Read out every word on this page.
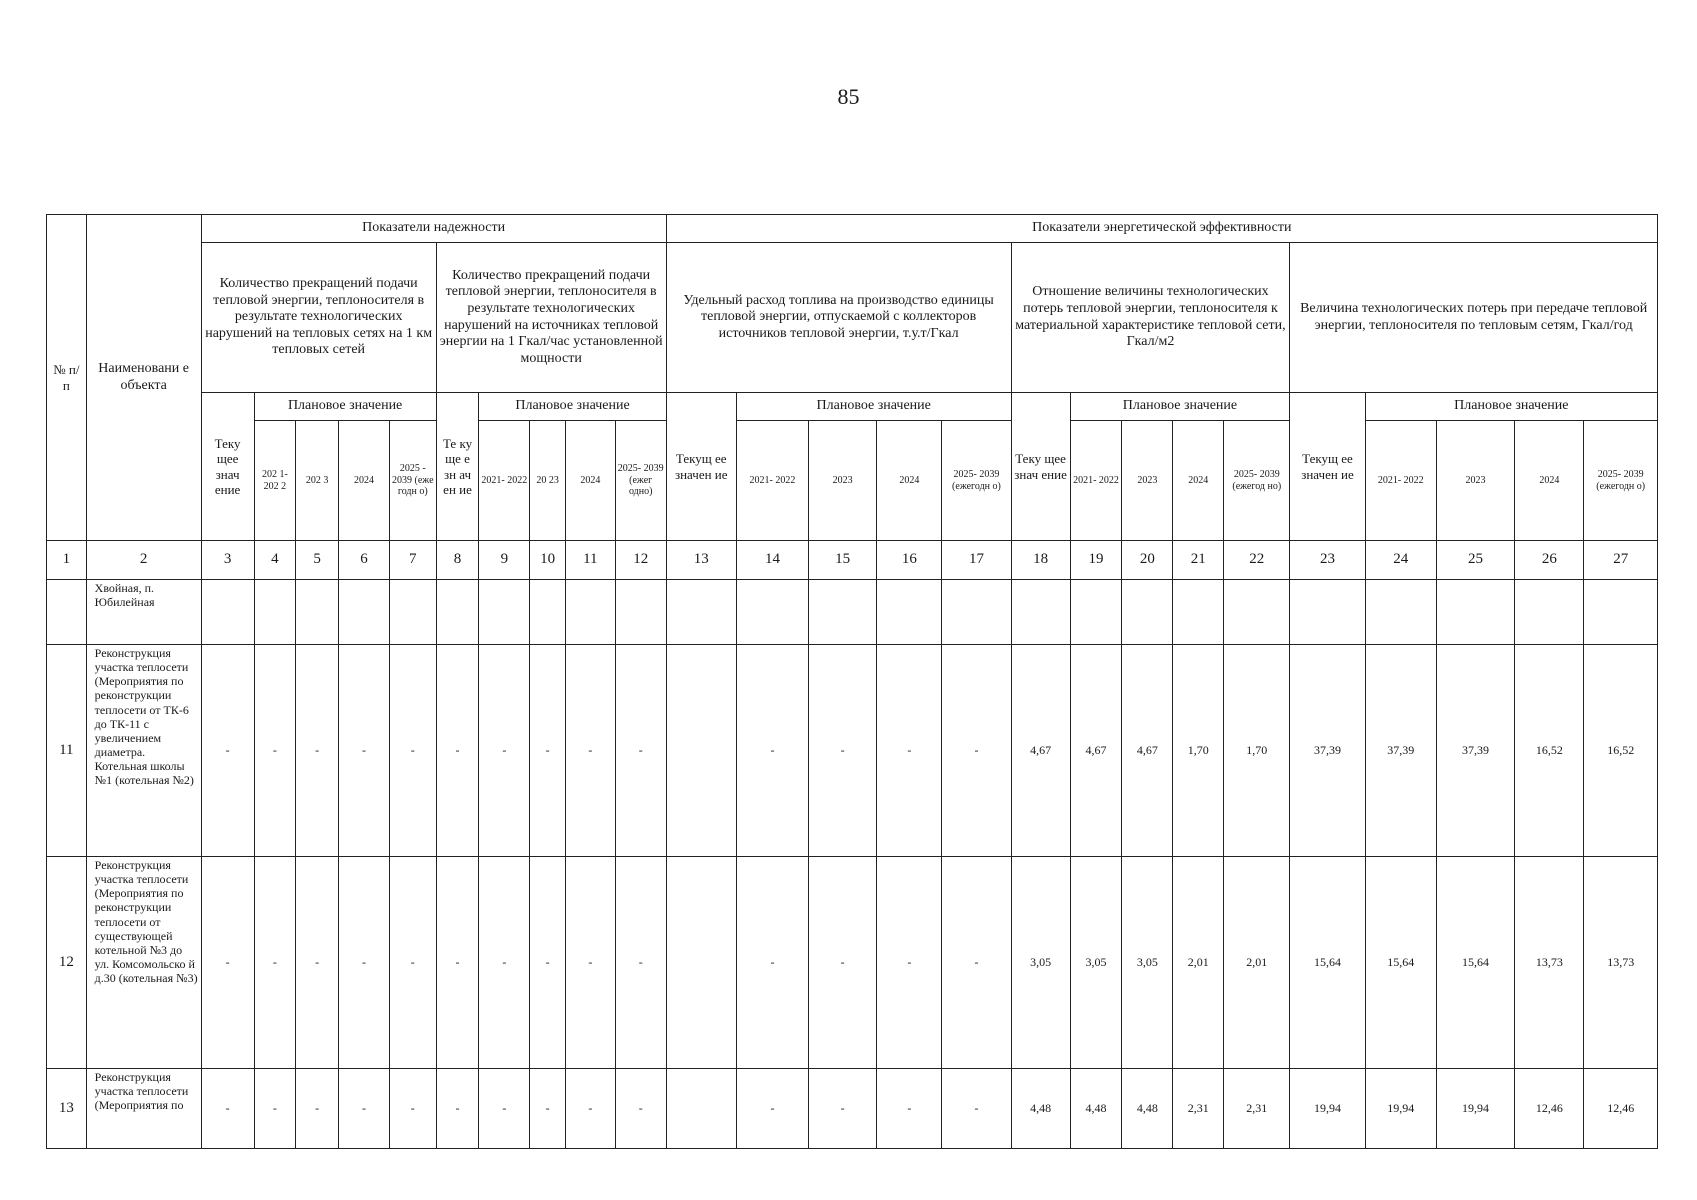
85
№ п/ п	Наименовани е объекта	Показатели надежности										Показатели энергетической эффективности														
		Количество прекращений подачи тепловой энергии, теплоносителя в результате технологических нарушений на тепловых сетях на 1 км тепловых сетей					Количество прекращений подачи тепловой энергии, теплоносителя в результате технологических нарушений на источниках тепловой энергии на 1 Гкал/час установленной мощности					Удельный расход топлива на производство единицы тепловой энергии, отпускаемой с коллекторов источников тепловой энергии, т.у.т/Гкал					Отношение величины технологических потерь тепловой энергии, теплоносителя к материальной характеристике тепловой сети, Гкал/м2					Величина технологических потерь при передаче тепловой энергии, теплоносителя по тепловым сетям, Гкал/год				
		Теку щее знач ение	Плановое значение				Те ку ще е зн ач ен ие	Плановое значение				Текущ ее значен ие	Плановое значение				Теку щее знач ение	Плановое значение				Текущ ее значен ие	Плановое значение			
			202 1- 202 2	202 3	2024	2025 - 2039 (еже годн о)		2021- 2022	20 23	2024	2025- 2039 (ежег одно)		2021- 2022	2023	2024	2025- 2039 (ежегодн о)		2021- 2022	2023	2024	2025- 2039 (ежегод но)		2021- 2022	2023	2024	2025- 2039 (ежегодн о)
1	2	3	4	5	6	7	8	9	10	11	12	13	14	15	16	17	18	19	20	21	22	23	24	25	26	27
	Хвойная, п. Юбилейная																									
11	Реконструкция участка теплосети (Мероприятия по реконструкции теплосети от ТК-6 до ТК-11 с увеличением диаметра. Котельная школы №1 (котельная №2)	-	-	-	-	-	-	-	-	-	-		-	-	-	-	4,67	4,67	4,67	1,70	1,70	37,39	37,39	37,39	16,52	16,52
12	Реконструкция участка теплосети (Мероприятия по реконструкции теплосети от существующей котельной №3 до ул. Комсомольско й д.30 (котельная №3)	-	-	-	-	-	-	-	-	-	-		-	-	-	-	3,05	3,05	3,05	2,01	2,01	15,64	15,64	15,64	13,73	13,73
13	Реконструкция участка теплосети (Мероприятия по	-	-	-	-	-	-	-	-	-	-		-	-	-	-	4,48	4,48	4,48	2,31	2,31	19,94	19,94	19,94	12,46	12,46
